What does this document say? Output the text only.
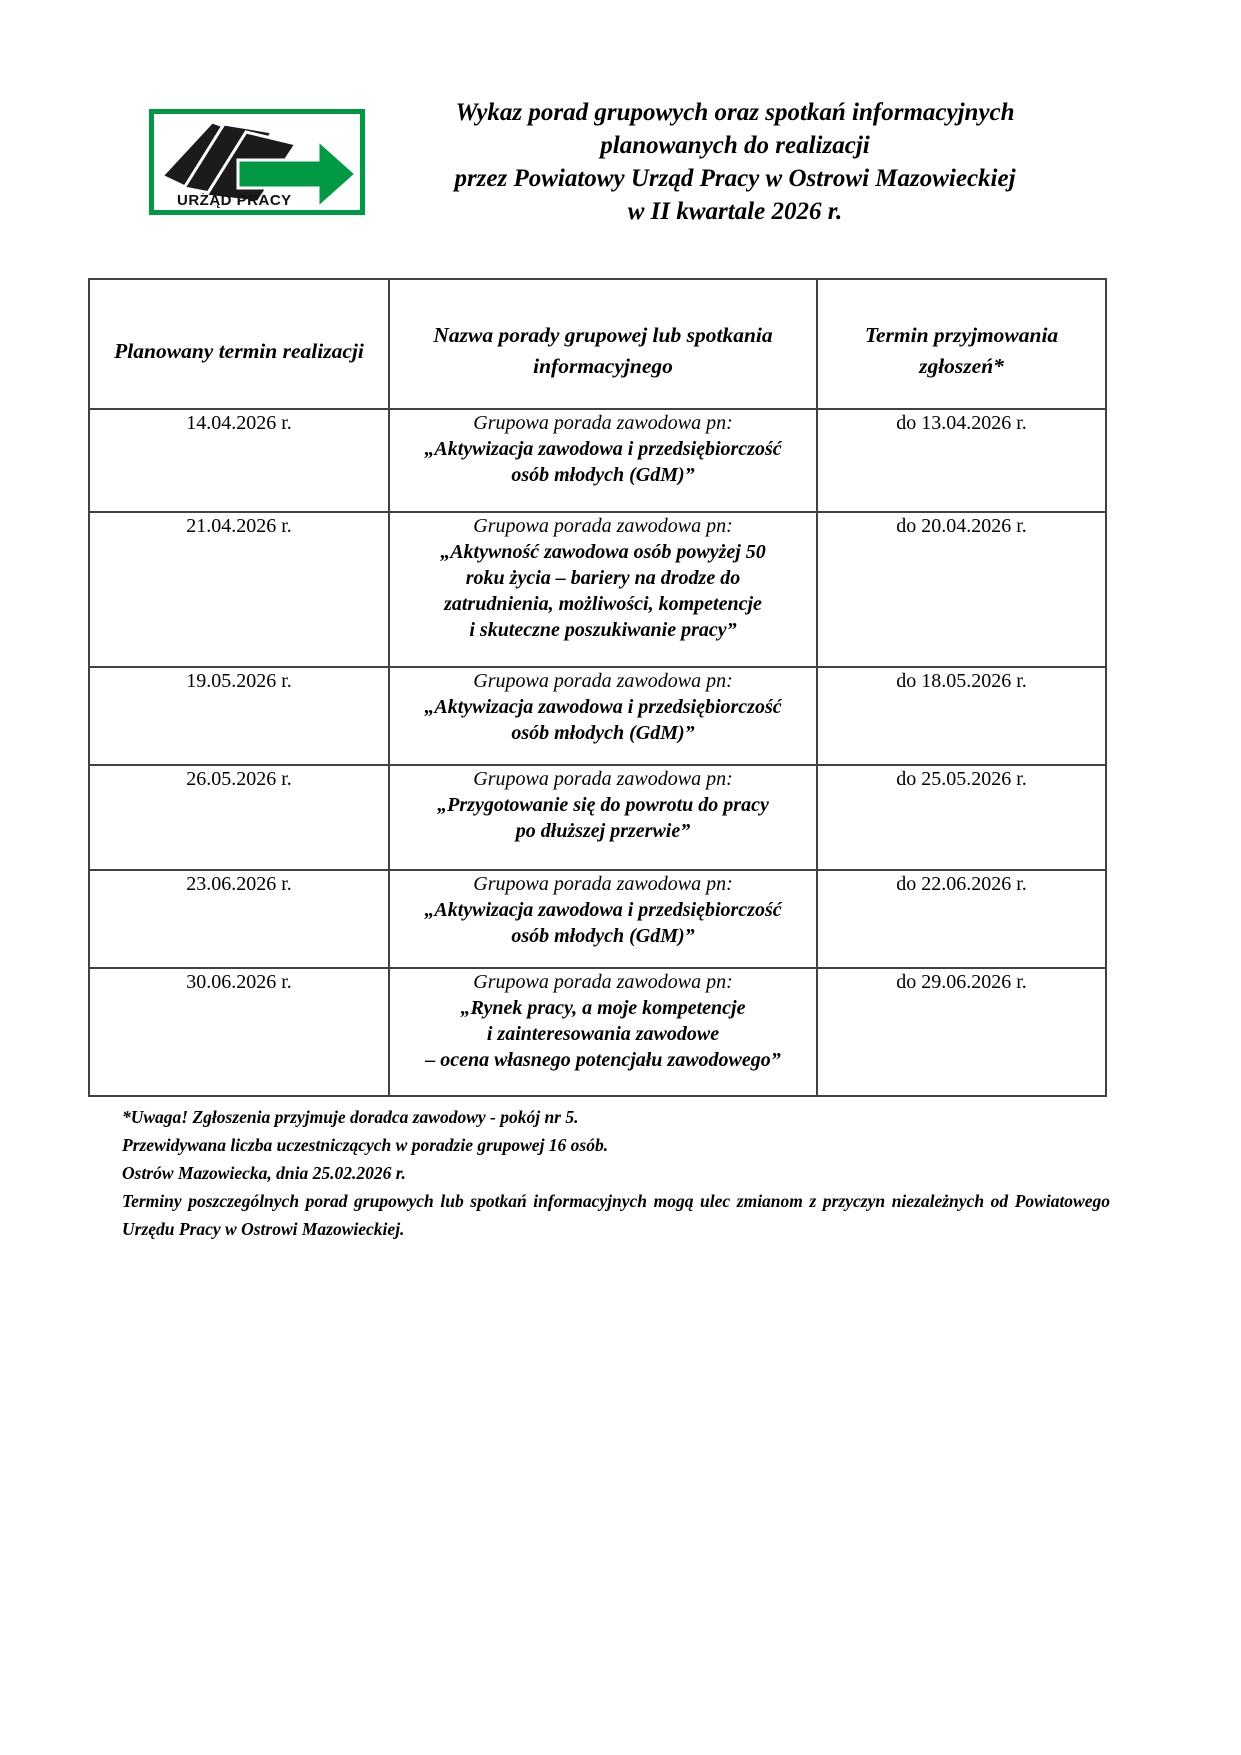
URZĄD PRACY
Wykaz porad grupowych oraz spotkań informacyjnych
planowanych do realizacji
przez Powiatowy Urząd Pracy w Ostrowi Mazowieckiej
w II kwartale 2026 r.
Planowany termin realizacji	Nazwa porady grupowej lub spotkania informacyjnego	Termin przyjmowania zgłoszeń*
14.04.2026 r.	Grupowa porada zawodowa pn:
„Aktywizacja zawodowa i przedsiębiorczość
osób młodych (GdM)”	do 13.04.2026 r.
21.04.2026 r.	Grupowa porada zawodowa pn:
„Aktywność zawodowa osób powyżej 50
roku życia – bariery na drodze do
zatrudnienia, możliwości, kompetencje
i skuteczne poszukiwanie pracy”	do 20.04.2026 r.
19.05.2026 r.	Grupowa porada zawodowa pn:
„Aktywizacja zawodowa i przedsiębiorczość
osób młodych (GdM)”	do 18.05.2026 r.
26.05.2026 r.	Grupowa porada zawodowa pn:
„Przygotowanie się do powrotu do pracy
po dłuższej przerwie”	do 25.05.2026 r.
23.06.2026 r.	Grupowa porada zawodowa pn:
„Aktywizacja zawodowa i przedsiębiorczość
osób młodych (GdM)”	do 22.06.2026 r.
30.06.2026 r.	Grupowa porada zawodowa pn:
„Rynek pracy, a moje kompetencje
i zainteresowania zawodowe
– ocena własnego potencjału zawodowego”	do 29.06.2026 r.

*Uwaga! Zgłoszenia przyjmuje doradca zawodowy - pokój nr 5.

Przewidywana liczba uczestniczących w poradzie grupowej 16 osób.

Ostrów Mazowiecka, dnia 25.02.2026 r.

Terminy poszczególnych porad grupowych lub spotkań informacyjnych mogą ulec zmianom z przyczyn niezależnych od Powiatowego Urzędu Pracy w Ostrowi Mazowieckiej.
